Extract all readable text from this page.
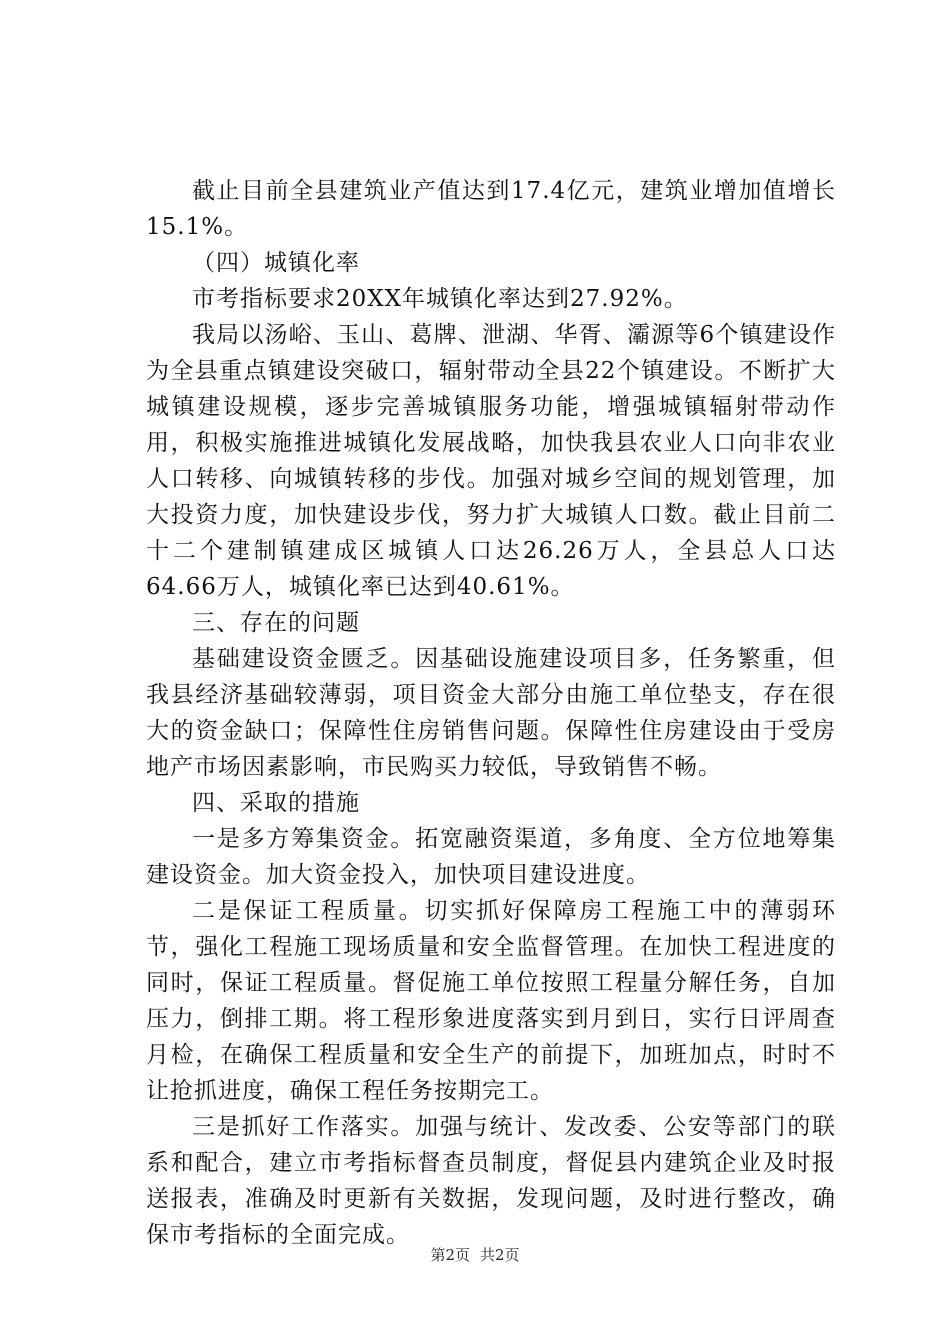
截止目前全县建筑业产值达到17.4亿元，建筑业增加值增长15.1%。

（四）城镇化率

市考指标要求20XX年城镇化率达到27.92%。

我局以汤峪、玉山、葛牌、泄湖、华胥、灞源等6个镇建设作为全县重点镇建设突破口，辐射带动全县22个镇建设。不断扩大城镇建设规模，逐步完善城镇服务功能，增强城镇辐射带动作用，积极实施推进城镇化发展战略，加快我县农业人口向非农业人口转移、向城镇转移的步伐。加强对城乡空间的规划管理，加大投资力度，加快建设步伐，努力扩大城镇人口数。截止目前二十二个建制镇建成区城镇人口达26.26万人，全县总人口达64.66万人，城镇化率已达到40.61%。

三、存在的问题

基础建设资金匮乏。因基础设施建设项目多，任务繁重，但我县经济基础较薄弱，项目资金大部分由施工单位垫支，存在很大的资金缺口；保障性住房销售问题。保障性住房建设由于受房地产市场因素影响，市民购买力较低，导致销售不畅。

四、采取的措施

一是多方筹集资金。拓宽融资渠道，多角度、全方位地筹集建设资金。加大资金投入，加快项目建设进度。

二是保证工程质量。切实抓好保障房工程施工中的薄弱环节，强化工程施工现场质量和安全监督管理。在加快工程进度的同时，保证工程质量。督促施工单位按照工程量分解任务，自加压力，倒排工期。将工程形象进度落实到月到日，实行日评周查月检，在确保工程质量和安全生产的前提下，加班加点，时时不让抢抓进度，确保工程任务按期完工。

三是抓好工作落实。加强与统计、发改委、公安等部门的联系和配合，建立市考指标督查员制度，督促县内建筑企业及时报送报表，准确及时更新有关数据，发现问题，及时进行整改，确保市考指标的全面完成。

第2页 共2页
